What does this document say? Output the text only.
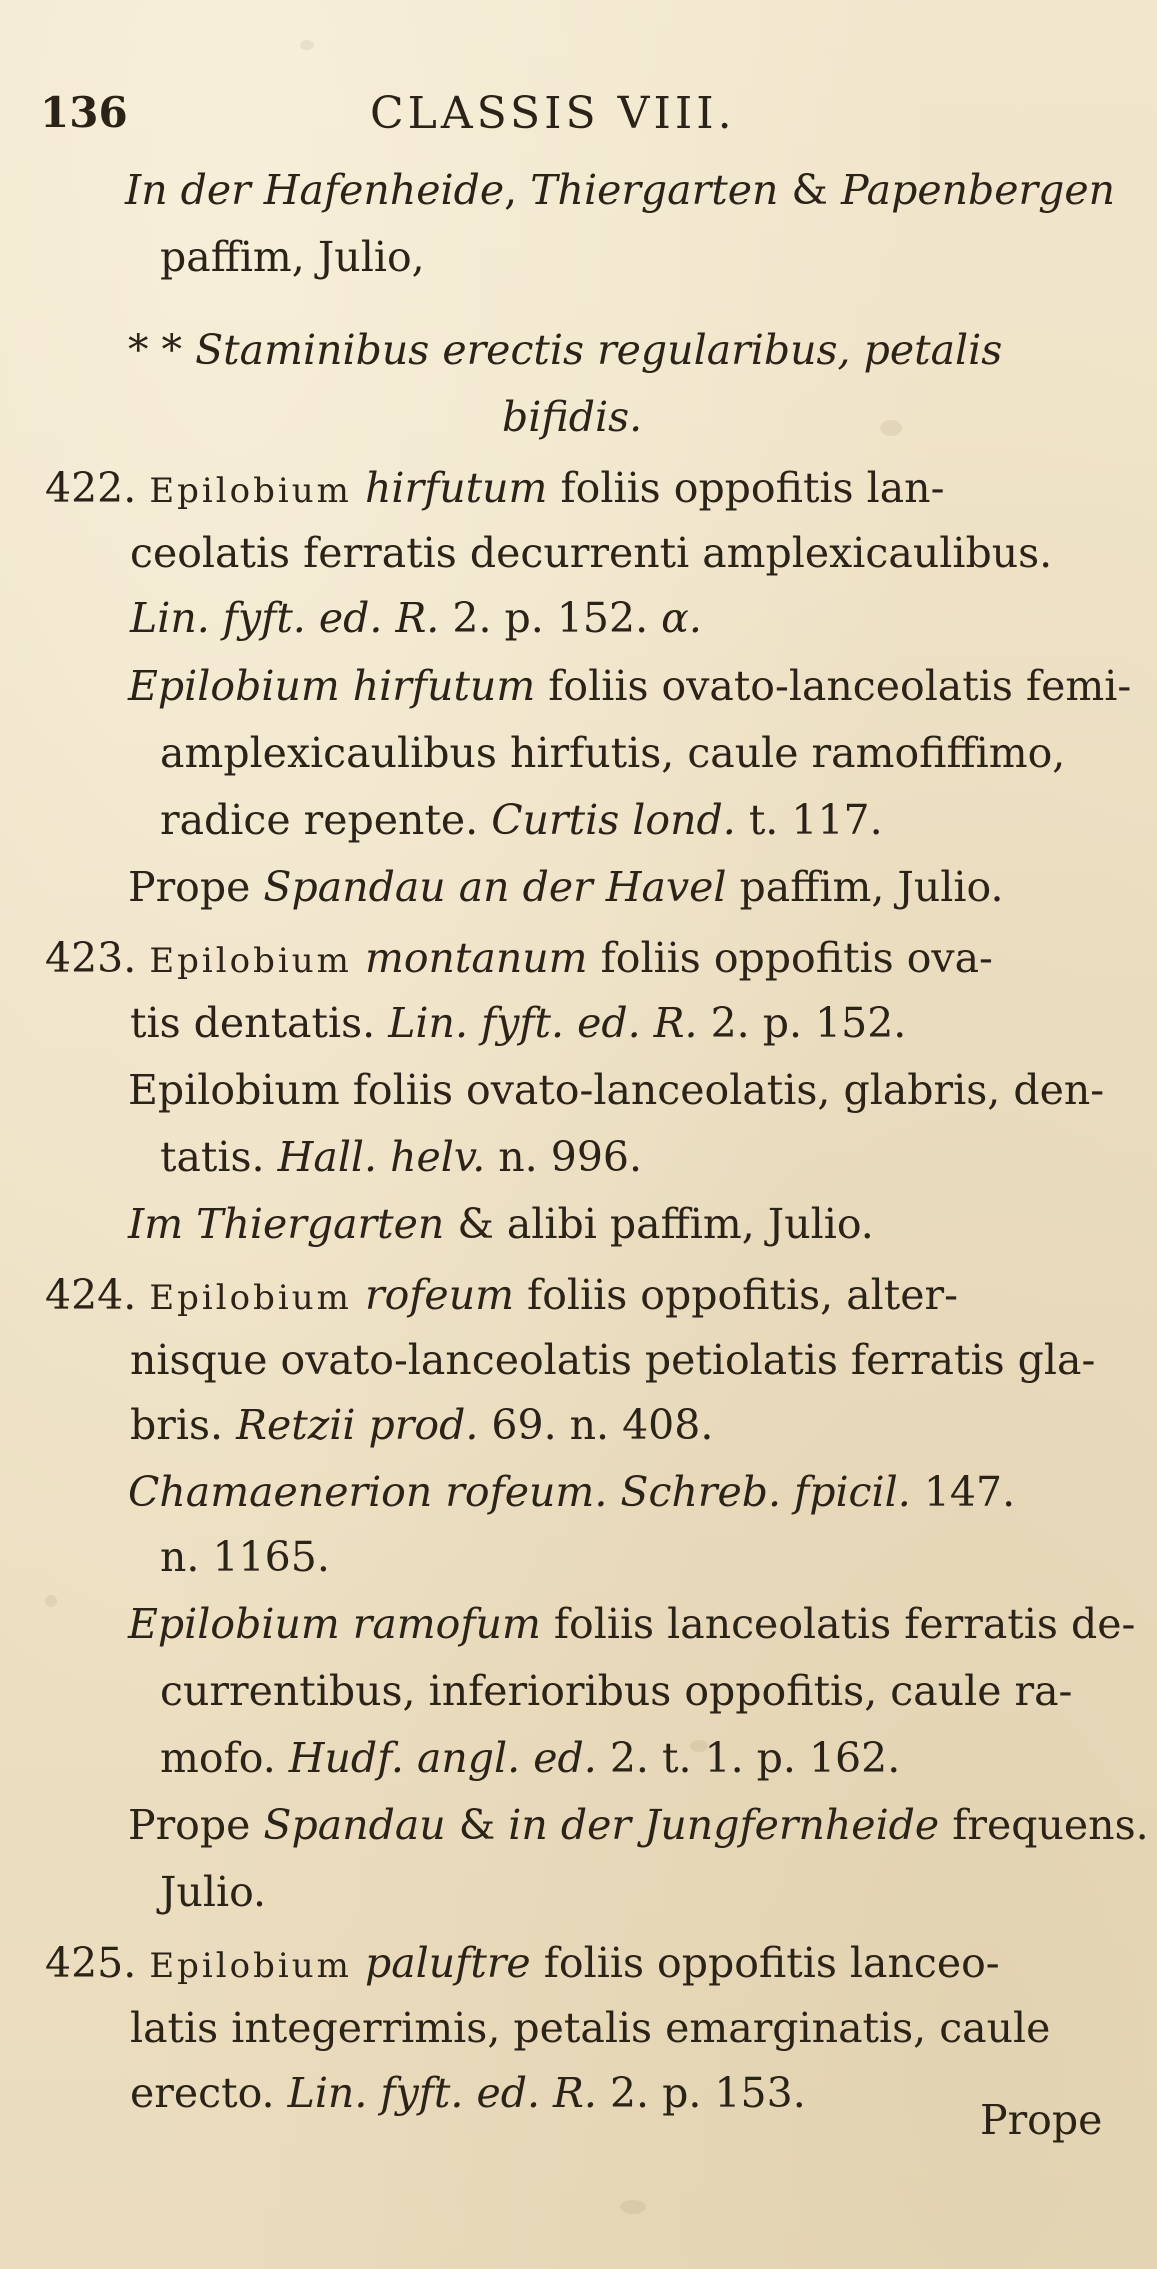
136	CLASSIS VIII.
In der Hafenheide, Thiergarten & Papenbergen
paffim, Julio,
* * Staminibus erectis regularibus, petalis
bifidis.
422. Epilobium hirfutum foliis oppofitis lan-
ceolatis ferratis decurrenti amplexicaulibus.
Lin. fyft. ed. R. 2. p. 152. α.
Epilobium hirfutum foliis ovato-lanceolatis femi-
amplexicaulibus hirfutis, caule ramofiffimo,
radice repente. Curtis lond. t. 117.
Prope Spandau an der Havel paffim, Julio.
423. Epilobium montanum foliis oppofitis ova-
tis dentatis. Lin. fyft. ed. R. 2. p. 152.
Epilobium foliis ovato-lanceolatis, glabris, den-
tatis. Hall. helv. n. 996.
Im Thiergarten & alibi paffim, Julio.
424. Epilobium rofeum foliis oppofitis, alter-
nisque ovato-lanceolatis petiolatis ferratis gla-
bris. Retzii prod. 69. n. 408.
Chamaenerion rofeum. Schreb. fpicil. 147.
n. 1165.
Epilobium ramofum foliis lanceolatis ferratis de-
currentibus, inferioribus oppofitis, caule ra-
mofo. Hudf. angl. ed. 2. t. 1. p. 162.
Prope Spandau & in der Jungfernheide frequens.
Julio.
425. Epilobium paluftre foliis oppofitis lanceo-
latis integerrimis, petalis emarginatis, caule
erecto. Lin. fyft. ed. R. 2. p. 153.
Prope
